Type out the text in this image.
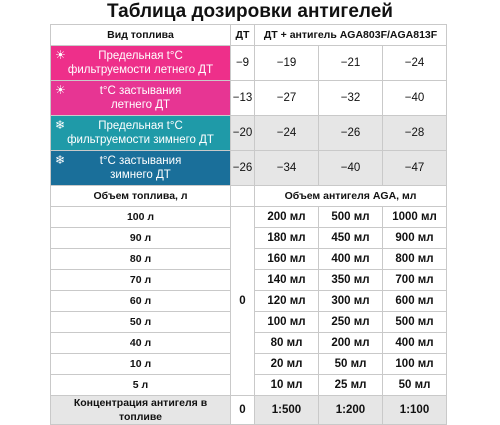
Таблица дозировки антигелей
Вид топлива	ДТ	ДТ + антигель AGA803F/AGA813F		

☀ Предельная t°С
фильтруемости летнего ДТ	−9	−19	−21	−24

☀ t°С застывания
летнего ДТ	−13	−27	−32	−40

❄ Предельная t°С
фильтруемости зимнего ДТ	−20	−24	−26	−28

❄ t°С застывания
зимнего ДТ	−26	−34	−40	−47
Объем топлива, л		Объем антигеля AGA, мл		
100 л	0	200 мл	500 мл	1000 мл
90 л		180 мл	450 мл	900 мл
80 л		160 мл	400 мл	800 мл
70 л		140 мл	350 мл	700 мл
60 л		120 мл	300 мл	600 мл
50 л		100 мл	250 мл	500 мл
40 л		80 мл	200 мл	400 мл
10 л		20 мл	50 мл	100 мл
5 л		10 мл	25 мл	50 мл
Концентрация антигеля в топливе	0	1:500	1:200	1:100
